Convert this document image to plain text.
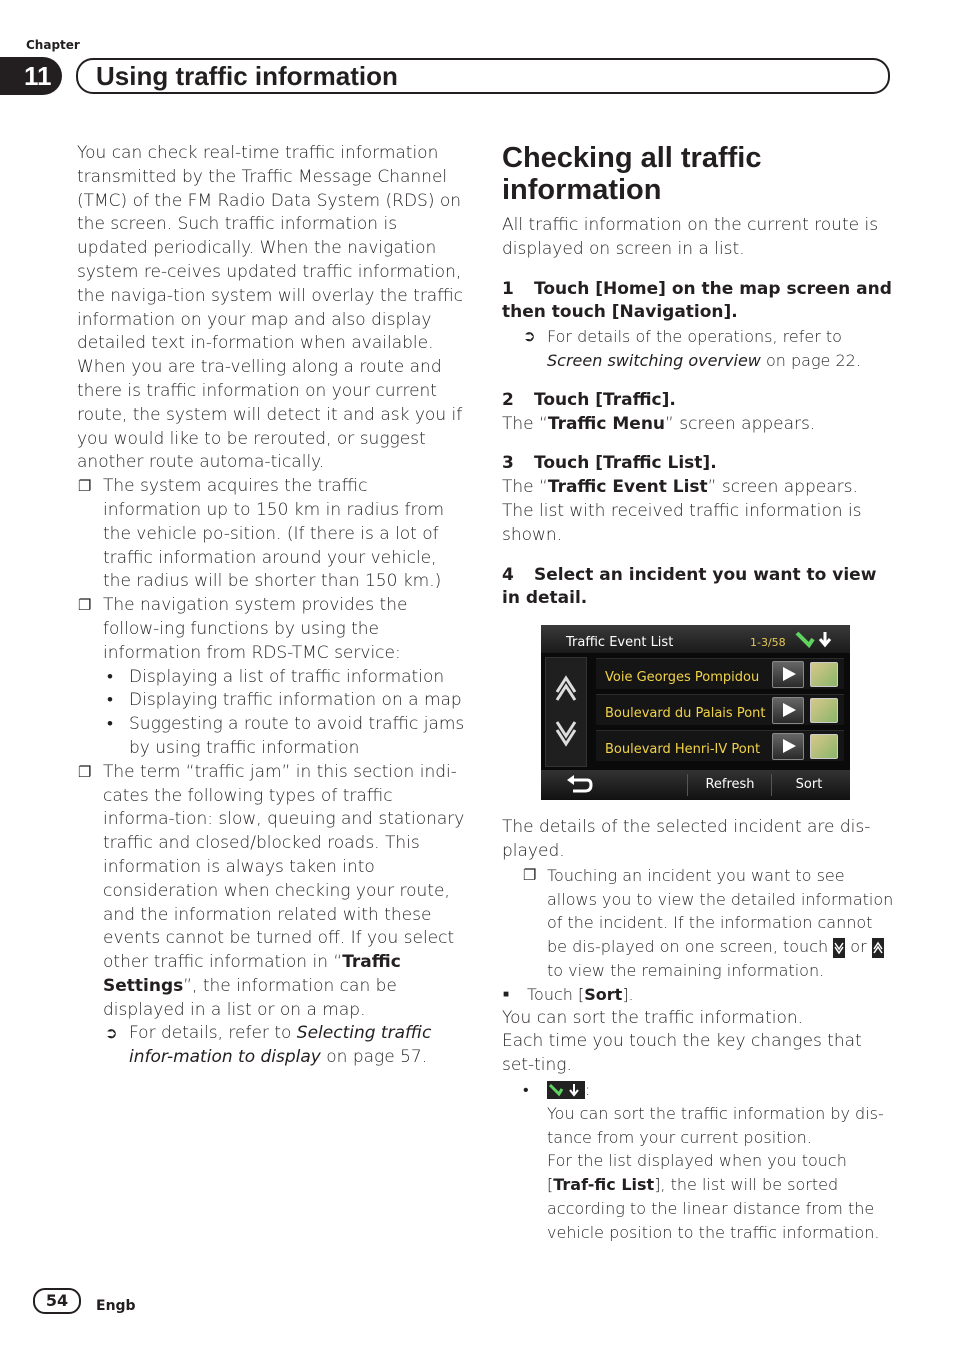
Chapter
11	Using traffic information

You can check real-time traffic information transmitted by the Traffic Message Channel (TMC) of the FM Radio Data System (RDS) on the screen. Such traffic information is updated periodically. When the navigation system re-ceives updated traffic information, the naviga-tion system will overlay the traffic information on your map and also display detailed text in-formation when available. When you are tra-velling along a route and there is traffic information on your current route, the system will detect it and ask you if you would like to be rerouted, or suggest another route automa-tically.

❐ The system acquires the traffic information up to 150 km in radius from the vehicle po-sition. (If there is a lot of traffic information around your vehicle, the radius will be shorter than 150 km.)
❐ The navigation system provides the follow-ing functions by using the information from RDS-TMC service:
• Displaying a list of traffic information
• Displaying traffic information on a map
• Suggesting a route to avoid traffic jams by using traffic information
❐ The term “traffic jam” in this section indi-cates the following types of traffic informa-tion: slow, queuing and stationary traffic and closed/blocked roads. This information is always taken into consideration when checking your route, and the information related with these events cannot be turned off. If you select other traffic information in “Traffic Settings”, the information can be displayed in a list or on a map.
➲ For details, refer to Selecting traffic infor-mation to display on page 57.
Checking all traffic information

All traffic information on the current route is displayed on screen in a list.

1 Touch [Home] on the map screen and then touch [Navigation].

➲ For details of the operations, refer to Screen switching overview on page 22.

2 Touch [Traffic].

The “Traffic Menu” screen appears.

3 Touch [Traffic List].

The “Traffic Event List” screen appears.

The list with received traffic information is shown.

4 Select an incident you want to view in detail.

Traffic Event List	1-3/58
Voie Georges Pompidou
Boulevard du Palais Pont
Boulevard Henri-IV Pont
Refresh	Sort

The details of the selected incident are dis-played.

❐ Touching an incident you want to see allows you to view the detailed information of the incident. If the information cannot be dis-played on one screen, touch  or  to view the remaining information.
■ Touch [Sort].

You can sort the traffic information.

Each time you touch the key changes that set-ting.

•	:

You can sort the traffic information by dis-tance from your current position.

For the list displayed when you touch [Traf-fic List], the list will be sorted according to the linear distance from the vehicle position to the traffic information.

54	Engb
